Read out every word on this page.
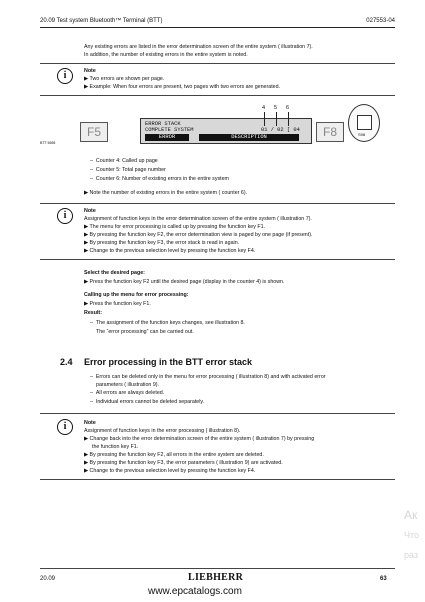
20.09 Test system Bluetooth™ Terminal (BTT)	027553-04
Any existing errors are listed in the error determination screen of the entire system ( illustration 7).
In addition, the number of existing errors in the entire system is noted.
i	Note
▶ Two errors are shown per page.
▶ Example: When four errors are present, two pages with two errors are generated.
F5
ERROR STACK
COMPLETE SYSTEM	01 / 02 [ 04
ERROR	DESCRIPTION
4 5 6
F8	S98
BTT 5698
–  Counter 4: Called up page
–  Counter 5: Total page number
–  Counter 6: Number of existing errors in the entire system
▶ Note the number of existing errors in the entire system ( counter 6).
i	Note
Assignment of function keys in the error determination screen of the entire system ( illustration 7).
▶ The menu for error processing is called up by pressing the function key F1.
▶ By pressing the function key F2, the error determination view is paged by one page (if present).
▶ By pressing the function key F3, the error stack is read in again.
▶ Change to the previous selection level by pressing the function key F4.
Select the desired page:
▶ Press the function key F2 until the desired page (display in the counter 4) is shown.
Calling up the menu for error processing:
▶ Press the function key F1.
Result:
–  The assignment of the function keys changes, see illustration 8.
The “error processing” can be carried out.
2.4 Error processing in the BTT error stack
–  Errors can be deleted only in the menu for error processing ( illustration 8) and with activated error
parameters ( illustration 9).
–  All errors are always deleted.
–  Individual errors cannot be deleted separately.
i	Note
Assignment of function keys in the error processing ( illustration 8).
▶ Change back into the error determination screen of the entire system ( illustration 7) by pressing
the function key F1.
▶ By pressing the function key F2, all errors in the entire system are deleted.
▶ By pressing the function key F3, the error parameters ( illustration 9) are activated.
▶ Change to the previous selection level by pressing the function key F4.
Ак
Что
раз
20.09	LIEBHERR
www.epcatalogs.com
63
